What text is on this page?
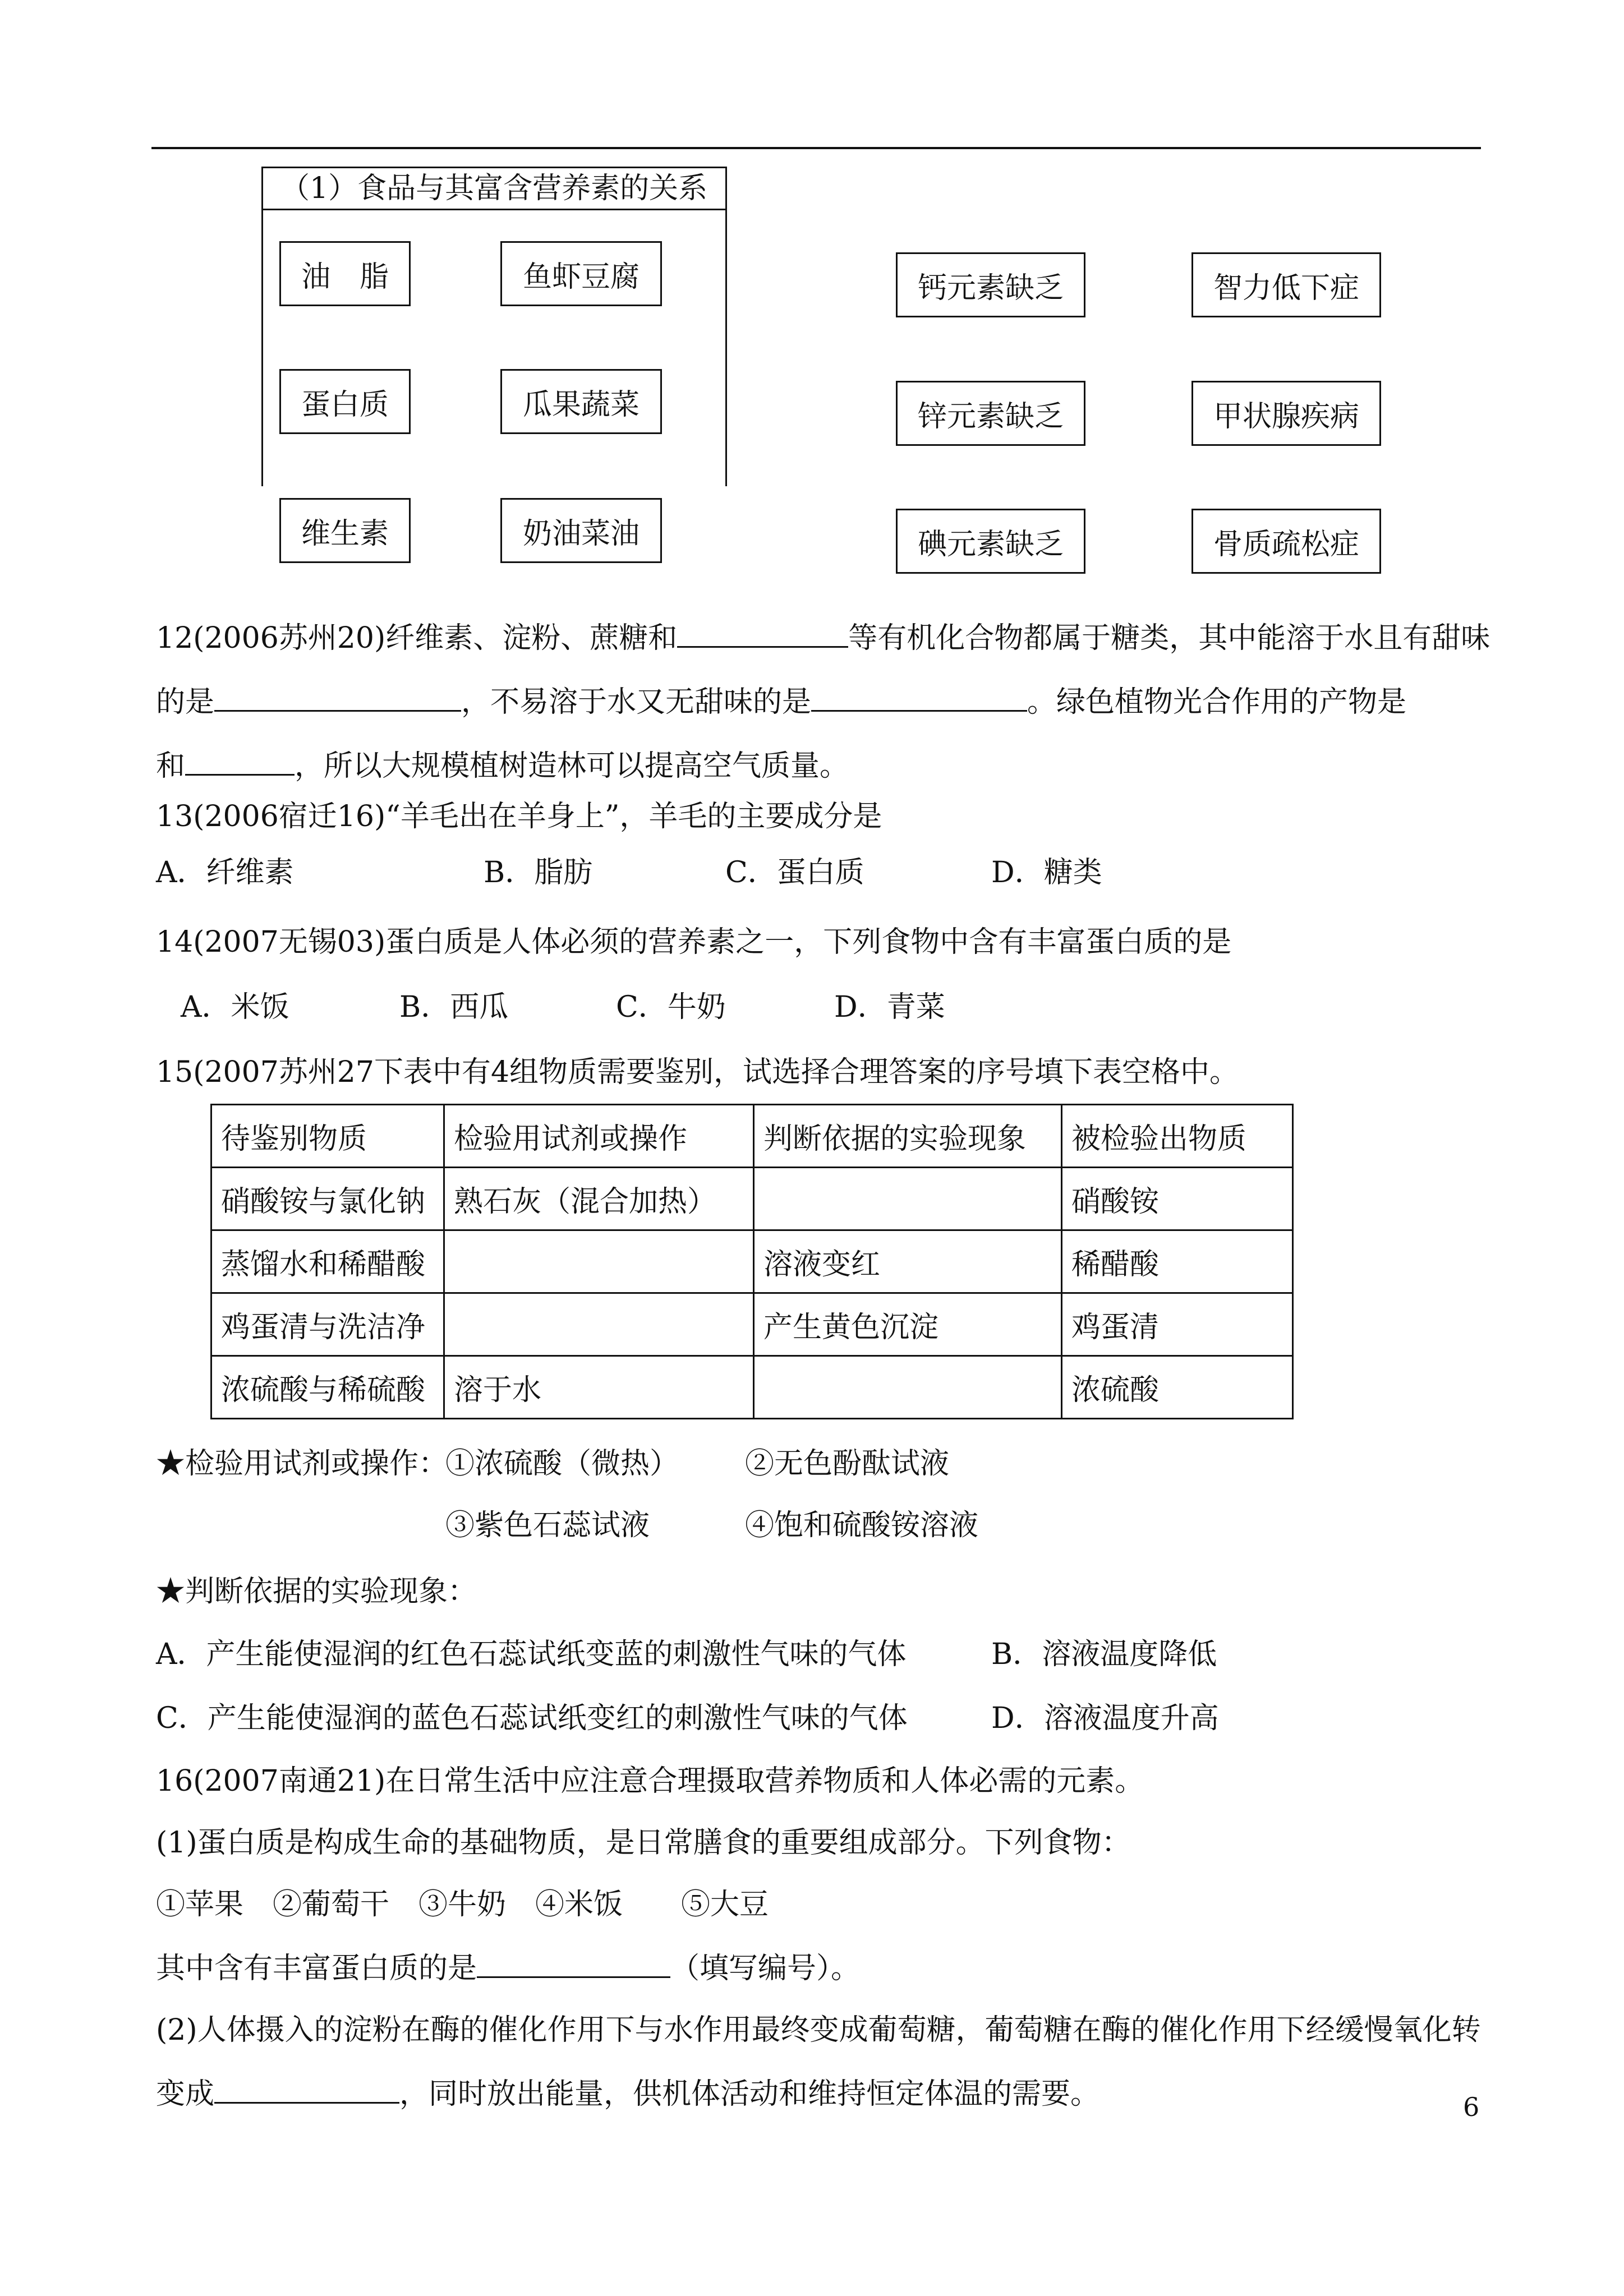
（1）食品与其富含营养素的关系
油　脂	鱼虾豆腐
蛋白质	瓜果蔬菜
维生素	奶油菜油
钙元素缺乏	智力低下症
锌元素缺乏	甲状腺疾病
碘元素缺乏	骨质疏松症
12(2006苏州20)纤维素、淀粉、蔗糖和	等有机化合物都属于糖类，其中能溶于水且有甜味
的是	，不易溶于水又无甜味的是	。绿色植物光合作用的产物是
和	，所以大规模植树造林可以提高空气质量。
13(2006宿迁16)“羊毛出在羊身上”，羊毛的主要成分是
A．纤维素	B．脂肪	C．蛋白质	D．糖类
14(2007无锡03)蛋白质是人体必须的营养素之一，下列食物中含有丰富蛋白质的是
A．米饭	B．西瓜	C．牛奶	D．青菜
15(2007苏州27下表中有4组物质需要鉴别，试选择合理答案的序号填下表空格中。
待鉴别物质	检验用试剂或操作	判断依据的实验现象	被检验出物质
硝酸铵与氯化钠	熟石灰（混合加热）		硝酸铵
蒸馏水和稀醋酸		溶液变红	稀醋酸
鸡蛋清与洗洁净		产生黄色沉淀	鸡蛋清
浓硫酸与稀硫酸	溶于水		浓硫酸
★检验用试剂或操作：
①浓硫酸（微热） ②无色酚酞试液
③紫色石蕊试液	④饱和硫酸铵溶液
★判断依据的实验现象：
A．产生能使湿润的红色石蕊试纸变蓝的刺激性气味的气体	B．溶液温度降低
C．产生能使湿润的蓝色石蕊试纸变红的刺激性气味的气体	D．溶液温度升高
16(2007南通21)在日常生活中应注意合理摄取营养物质和人体必需的元素。
(1)蛋白质是构成生命的基础物质，是日常膳食的重要组成部分。下列食物：
①苹果　②葡萄干　③牛奶　④米饭　　⑤大豆
其中含有丰富蛋白质的是	（填写编号）。
(2)人体摄入的淀粉在酶的催化作用下与水作用最终变成葡萄糖，葡萄糖在酶的催化作用下经缓慢氧化转
变成	，同时放出能量，供机体活动和维持恒定体温的需要。	6
